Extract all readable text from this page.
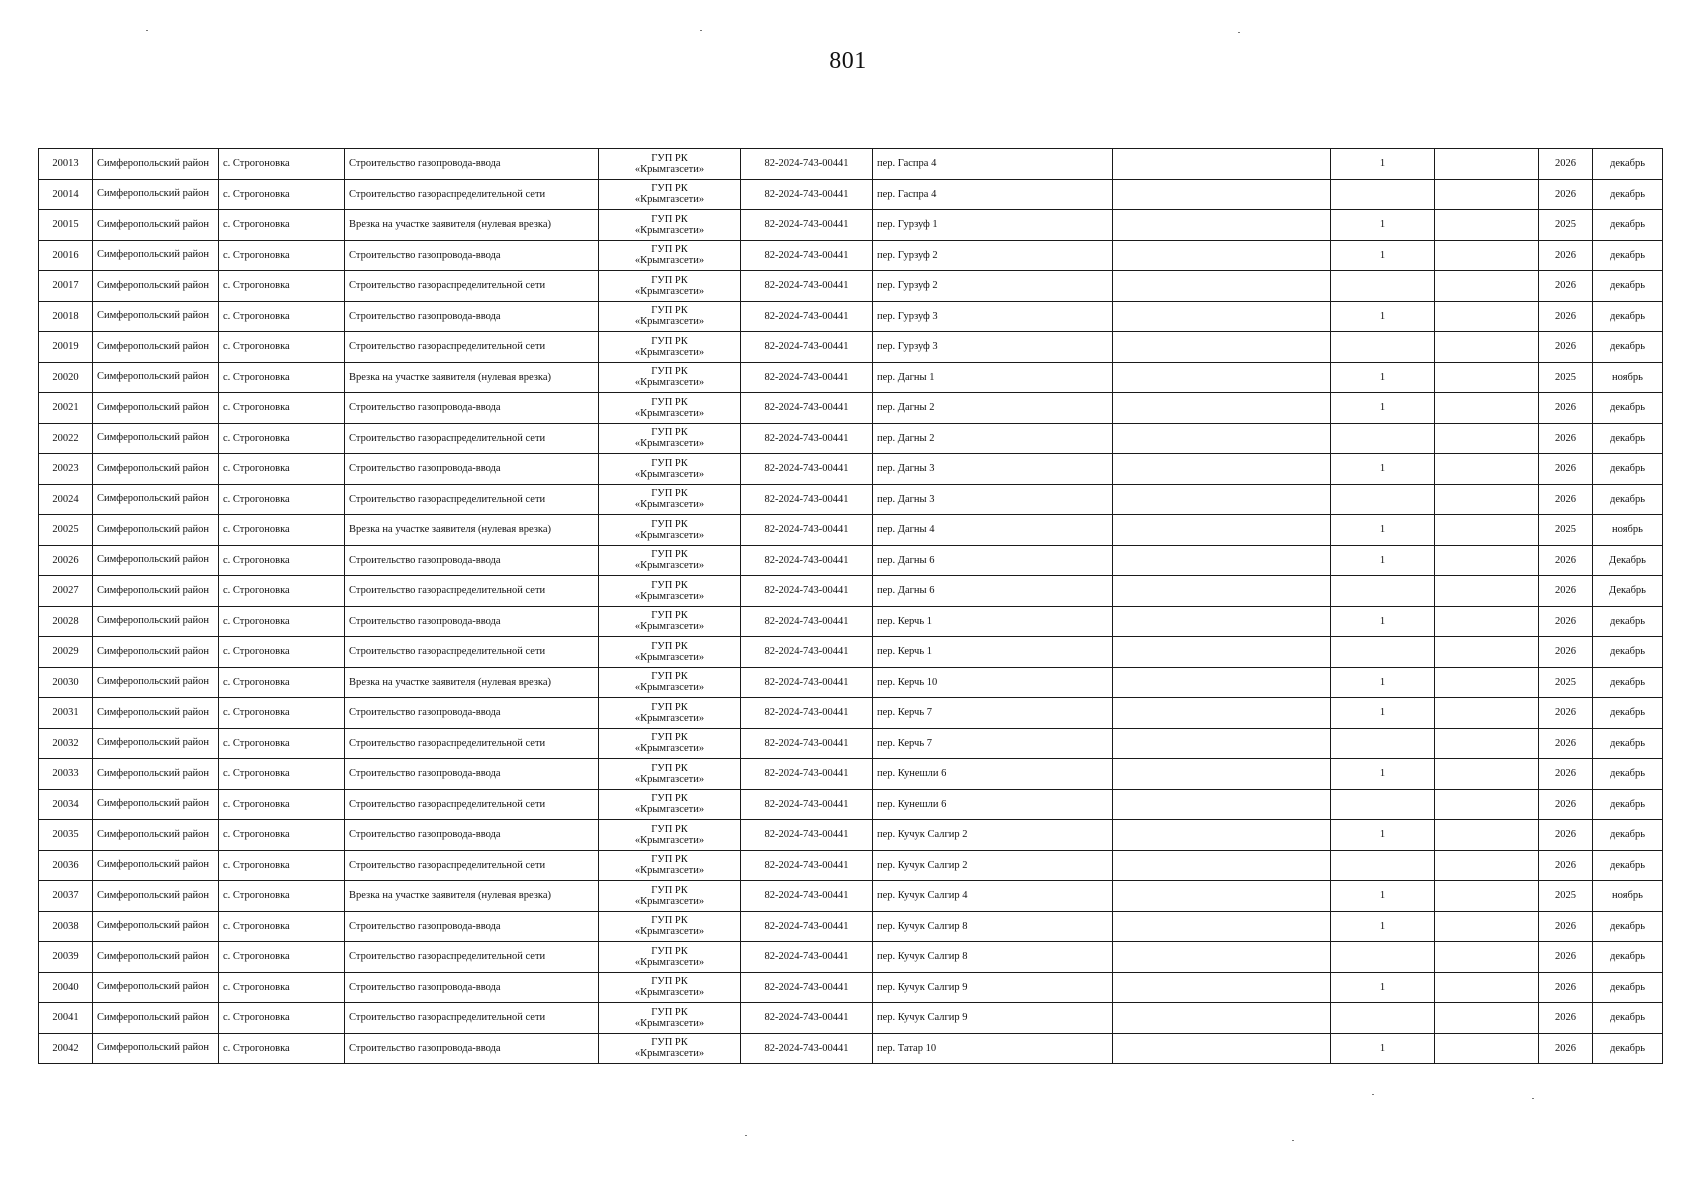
801
20013	Симферопольский район	с. Строгоновка	Строительство газопровода-ввода	ГУП РК
«Крымгазсети»	82-2024-743-00441	пер. Гаспра 4		1		2026	декабрь
20014	Симферопольский район	с. Строгоновка	Строительство газораспределительной сети	ГУП РК
«Крымгазсети»	82-2024-743-00441	пер. Гаспра 4				2026	декабрь
20015	Симферопольский район	с. Строгоновка	Врезка на участке заявителя (нулевая врезка)	ГУП РК
«Крымгазсети»	82-2024-743-00441	пер. Гурзуф 1		1		2025	декабрь
20016	Симферопольский район	с. Строгоновка	Строительство газопровода-ввода	ГУП РК
«Крымгазсети»	82-2024-743-00441	пер. Гурзуф 2		1		2026	декабрь
20017	Симферопольский район	с. Строгоновка	Строительство газораспределительной сети	ГУП РК
«Крымгазсети»	82-2024-743-00441	пер. Гурзуф 2				2026	декабрь
20018	Симферопольский район	с. Строгоновка	Строительство газопровода-ввода	ГУП РК
«Крымгазсети»	82-2024-743-00441	пер. Гурзуф 3		1		2026	декабрь
20019	Симферопольский район	с. Строгоновка	Строительство газораспределительной сети	ГУП РК
«Крымгазсети»	82-2024-743-00441	пер. Гурзуф 3				2026	декабрь
20020	Симферопольский район	с. Строгоновка	Врезка на участке заявителя (нулевая врезка)	ГУП РК
«Крымгазсети»	82-2024-743-00441	пер. Дагны 1		1		2025	ноябрь
20021	Симферопольский район	с. Строгоновка	Строительство газопровода-ввода	ГУП РК
«Крымгазсети»	82-2024-743-00441	пер. Дагны 2		1		2026	декабрь
20022	Симферопольский район	с. Строгоновка	Строительство газораспределительной сети	ГУП РК
«Крымгазсети»	82-2024-743-00441	пер. Дагны 2				2026	декабрь
20023	Симферопольский район	с. Строгоновка	Строительство газопровода-ввода	ГУП РК
«Крымгазсети»	82-2024-743-00441	пер. Дагны 3		1		2026	декабрь
20024	Симферопольский район	с. Строгоновка	Строительство газораспределительной сети	ГУП РК
«Крымгазсети»	82-2024-743-00441	пер. Дагны 3				2026	декабрь
20025	Симферопольский район	с. Строгоновка	Врезка на участке заявителя (нулевая врезка)	ГУП РК
«Крымгазсети»	82-2024-743-00441	пер. Дагны 4		1		2025	ноябрь
20026	Симферопольский район	с. Строгоновка	Строительство газопровода-ввода	ГУП РК
«Крымгазсети»	82-2024-743-00441	пер. Дагны 6		1		2026	Декабрь
20027	Симферопольский район	с. Строгоновка	Строительство газораспределительной сети	ГУП РК
«Крымгазсети»	82-2024-743-00441	пер. Дагны 6				2026	Декабрь
20028	Симферопольский район	с. Строгоновка	Строительство газопровода-ввода	ГУП РК
«Крымгазсети»	82-2024-743-00441	пер. Керчь 1		1		2026	декабрь
20029	Симферопольский район	с. Строгоновка	Строительство газораспределительной сети	ГУП РК
«Крымгазсети»	82-2024-743-00441	пер. Керчь 1				2026	декабрь
20030	Симферопольский район	с. Строгоновка	Врезка на участке заявителя (нулевая врезка)	ГУП РК
«Крымгазсети»	82-2024-743-00441	пер. Керчь 10		1		2025	декабрь
20031	Симферопольский район	с. Строгоновка	Строительство газопровода-ввода	ГУП РК
«Крымгазсети»	82-2024-743-00441	пер. Керчь 7		1		2026	декабрь
20032	Симферопольский район	с. Строгоновка	Строительство газораспределительной сети	ГУП РК
«Крымгазсети»	82-2024-743-00441	пер. Керчь 7				2026	декабрь
20033	Симферопольский район	с. Строгоновка	Строительство газопровода-ввода	ГУП РК
«Крымгазсети»	82-2024-743-00441	пер. Кунешли 6		1		2026	декабрь
20034	Симферопольский район	с. Строгоновка	Строительство газораспределительной сети	ГУП РК
«Крымгазсети»	82-2024-743-00441	пер. Кунешли 6				2026	декабрь
20035	Симферопольский район	с. Строгоновка	Строительство газопровода-ввода	ГУП РК
«Крымгазсети»	82-2024-743-00441	пер. Кучук Салгир 2		1		2026	декабрь
20036	Симферопольский район	с. Строгоновка	Строительство газораспределительной сети	ГУП РК
«Крымгазсети»	82-2024-743-00441	пер. Кучук Салгир 2				2026	декабрь
20037	Симферопольский район	с. Строгоновка	Врезка на участке заявителя (нулевая врезка)	ГУП РК
«Крымгазсети»	82-2024-743-00441	пер. Кучук Салгир 4		1		2025	ноябрь
20038	Симферопольский район	с. Строгоновка	Строительство газопровода-ввода	ГУП РК
«Крымгазсети»	82-2024-743-00441	пер. Кучук Салгир 8		1		2026	декабрь
20039	Симферопольский район	с. Строгоновка	Строительство газораспределительной сети	ГУП РК
«Крымгазсети»	82-2024-743-00441	пер. Кучук Салгир 8				2026	декабрь
20040	Симферопольский район	с. Строгоновка	Строительство газопровода-ввода	ГУП РК
«Крымгазсети»	82-2024-743-00441	пер. Кучук Салгир 9		1		2026	декабрь
20041	Симферопольский район	с. Строгоновка	Строительство газораспределительной сети	ГУП РК
«Крымгазсети»	82-2024-743-00441	пер. Кучук Салгир 9				2026	декабрь
20042	Симферопольский район	с. Строгоновка	Строительство газопровода-ввода	ГУП РК
«Крымгазсети»	82-2024-743-00441	пер. Татар 10		1		2026	декабрь
